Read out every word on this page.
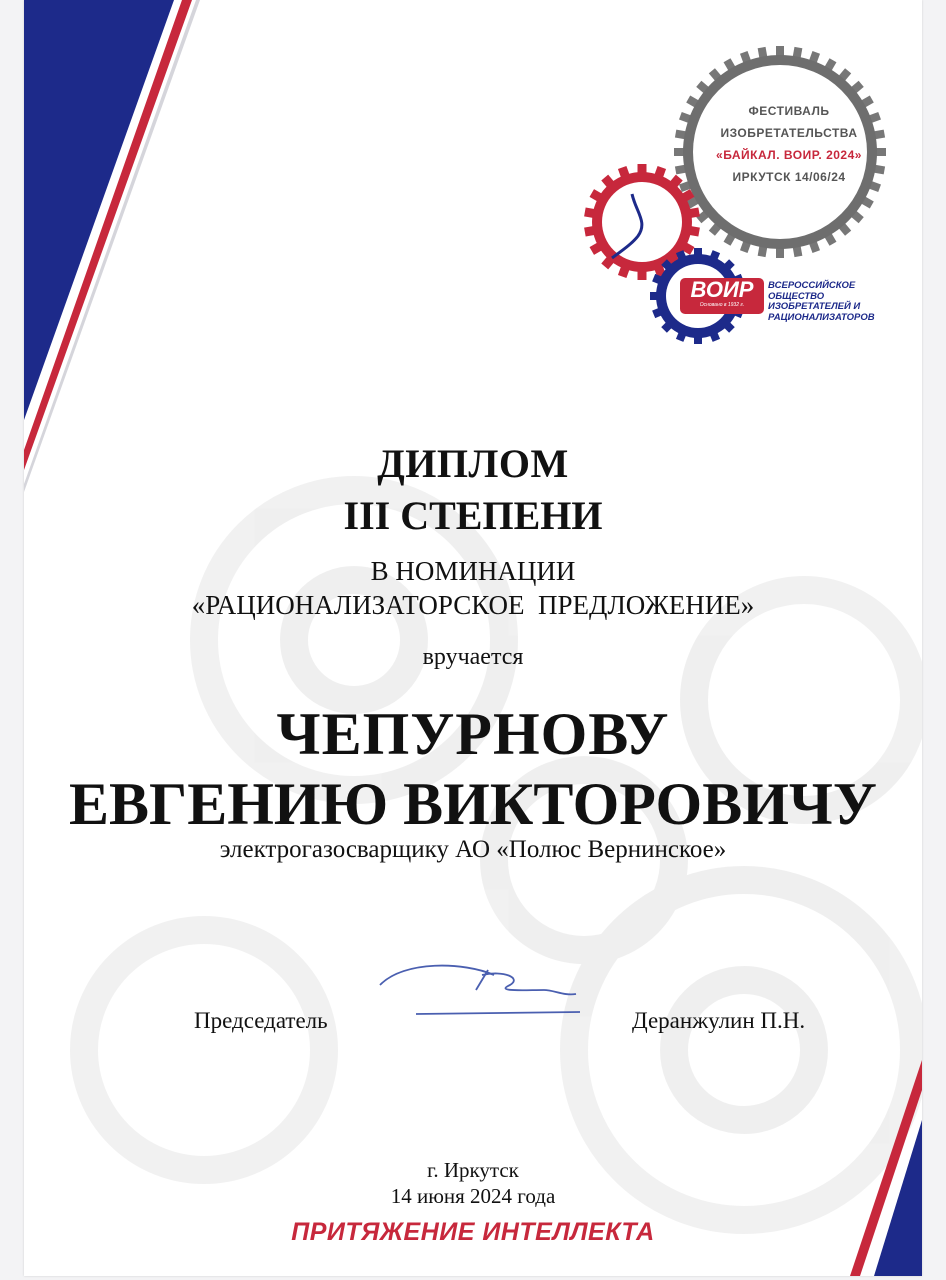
ФЕСТИВАЛЬ
ИЗОБРЕТАТЕЛЬСТВА
«БАЙКАЛ. ВОИР. 2024»
ИРКУТСК 14/06/24
ВОИР
Основано в 1932 г.
ВСЕРОССИЙСКОЕ
ОБЩЕСТВО
ИЗОБРЕТАТЕЛЕЙ И
РАЦИОНАЛИЗАТОРОВ
ДИПЛОМ
III СТЕПЕНИ
В НОМИНАЦИИ
«РАЦИОНАЛИЗАТОРСКОЕ  ПРЕДЛОЖЕНИЕ»
вручается
ЧЕПУРНОВУ
ЕВГЕНИЮ ВИКТОРОВИЧУ
электрогазосварщику АО «Полюс Вернинское»
Председатель	Деранжулин П.Н.
г. Иркутск
14 июня 2024 года
ПРИТЯЖЕНИЕ ИНТЕЛЛЕКТА
